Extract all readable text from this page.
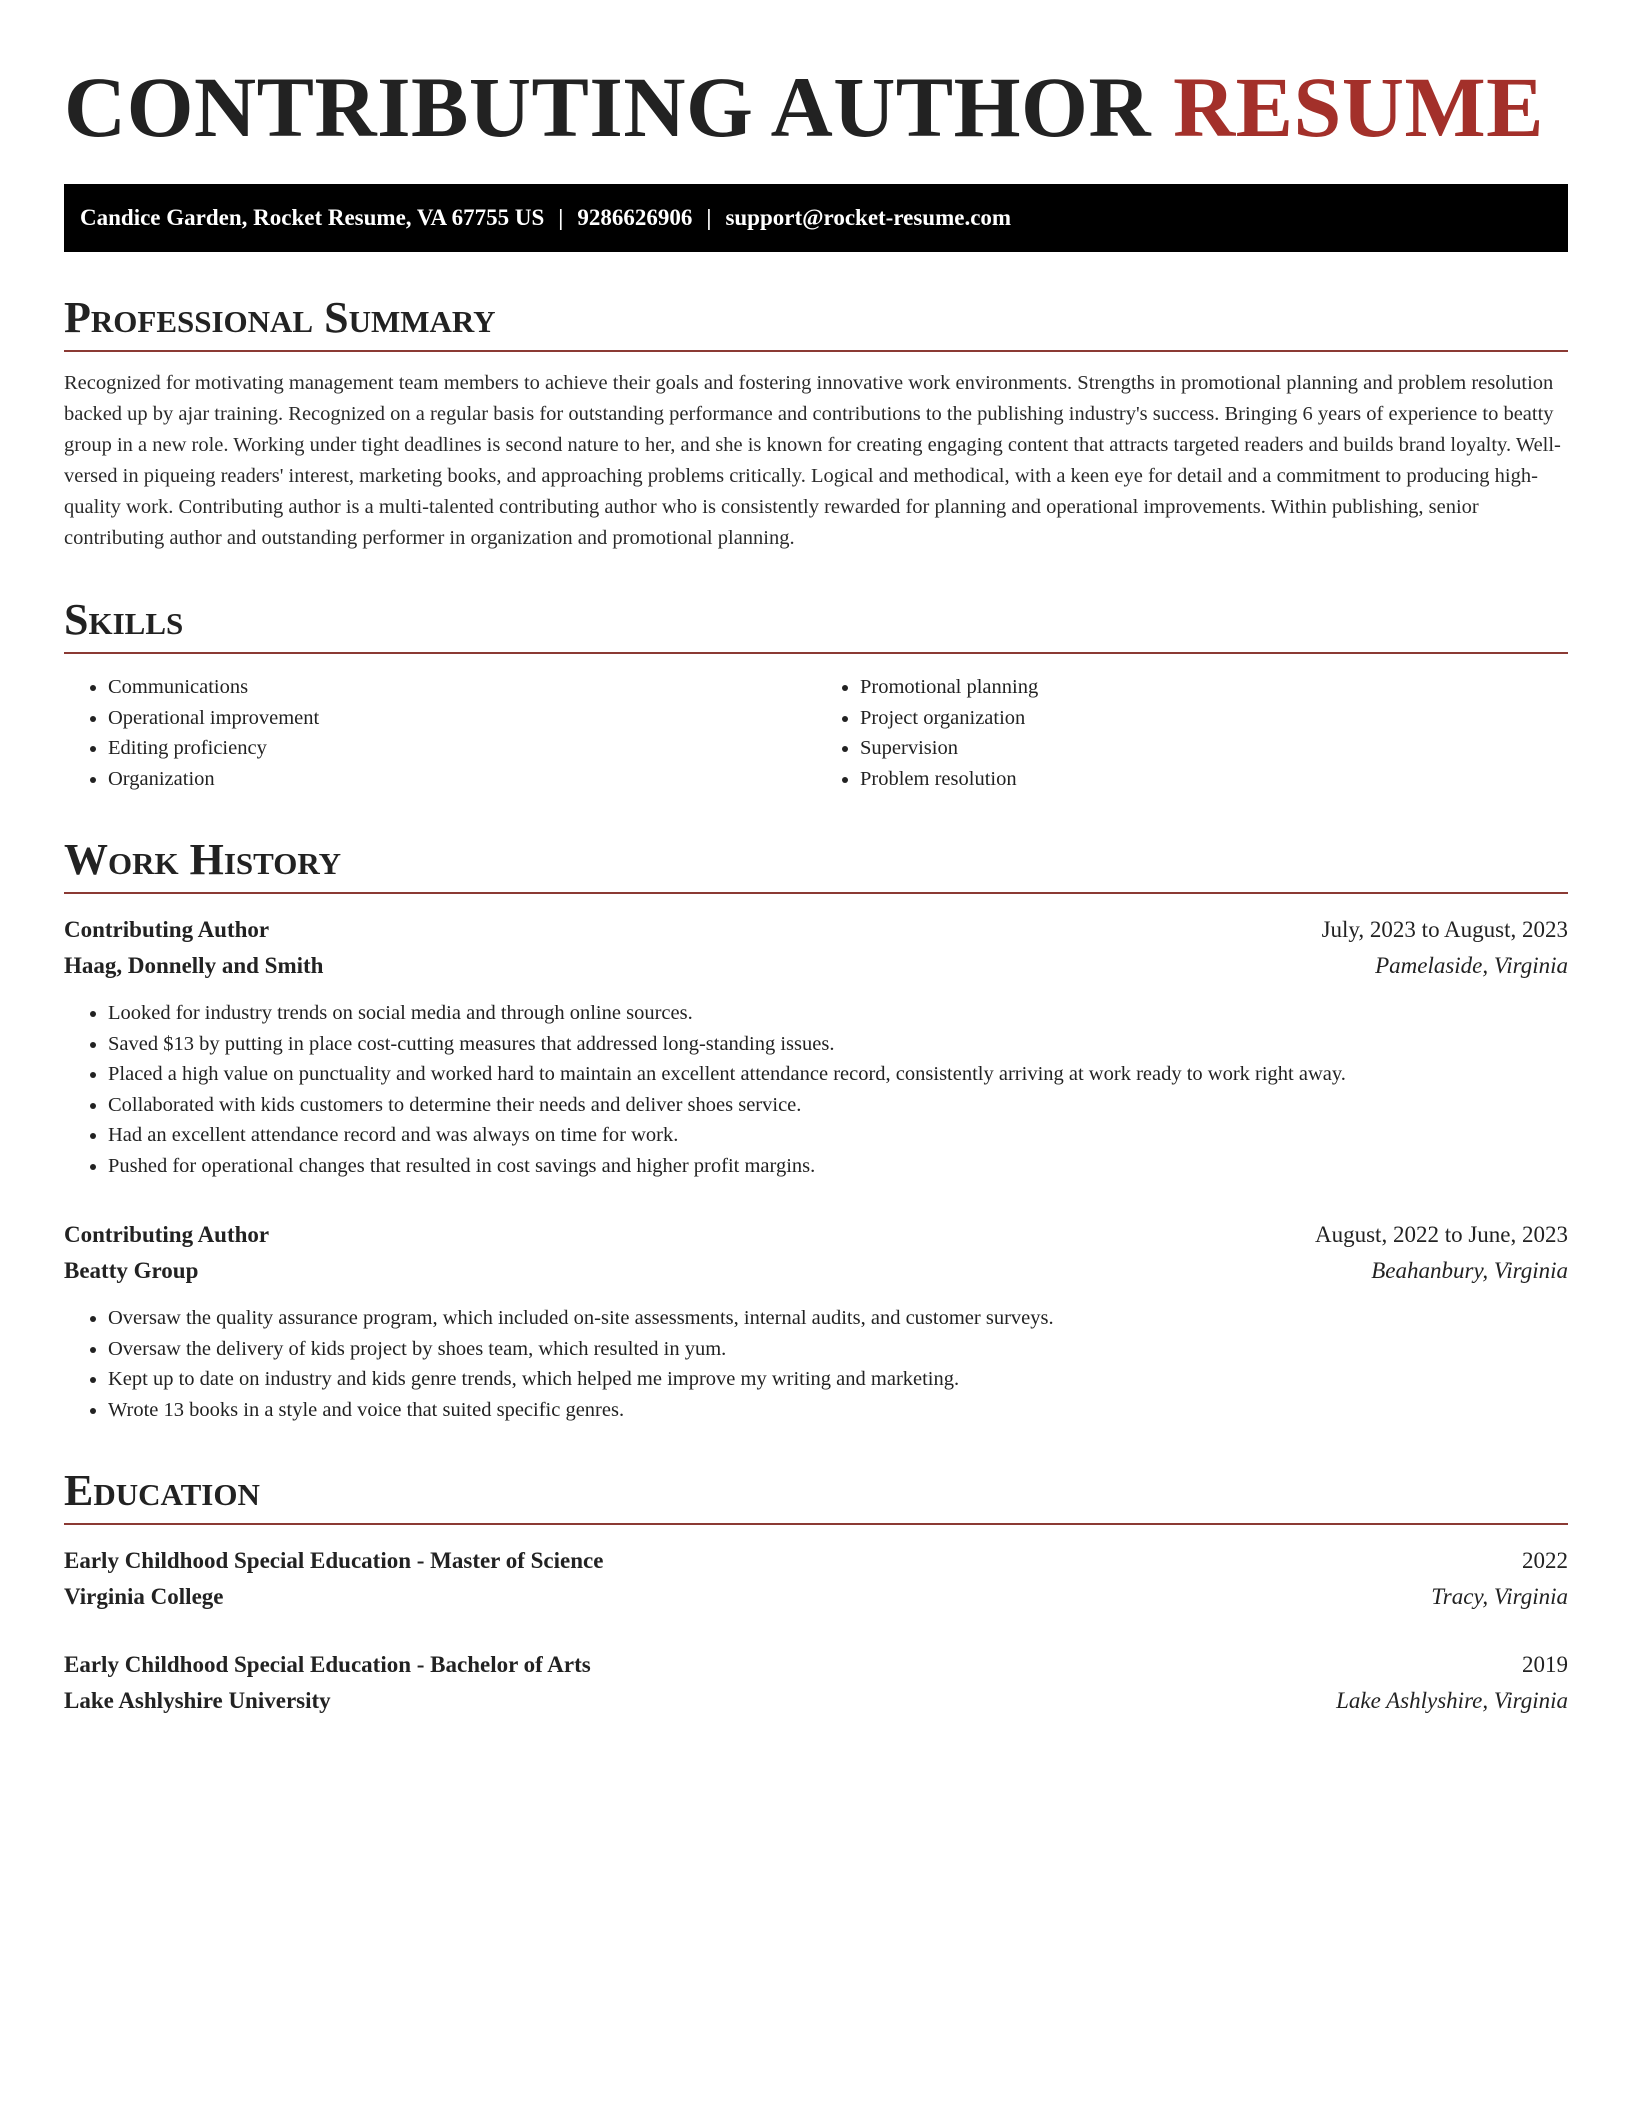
CONTRIBUTING AUTHOR RESUME
Candice Garden, Rocket Resume, VA 67755 US | 9286626906 | support@rocket-resume.com
Professional Summary

Recognized for motivating management team members to achieve their goals and fostering innovative work environments. Strengths in promotional planning and problem resolution backed up by ajar training. Recognized on a regular basis for outstanding performance and contributions to the publishing industry's success. Bringing 6 years of experience to beatty group in a new role. Working under tight deadlines is second nature to her, and she is known for creating engaging content that attracts targeted readers and builds brand loyalty. Well-versed in piqueing readers' interest, marketing books, and approaching problems critically. Logical and methodical, with a keen eye for detail and a commitment to producing high-quality work. Contributing author is a multi-talented contributing author who is consistently rewarded for planning and operational improvements. Within publishing, senior contributing author and outstanding performer in organization and promotional planning.

Skills
• Communications
• Operational improvement
• Editing proficiency
• Organization
• Promotional planning
• Project organization
• Supervision
• Problem resolution
Work History
Contributing Author	July, 2023 to August, 2023
Haag, Donnelly and Smith	Pamelaside, Virginia
• Looked for industry trends on social media and through online sources.
• Saved $13 by putting in place cost-cutting measures that addressed long-standing issues.
• Placed a high value on punctuality and worked hard to maintain an excellent attendance record, consistently arriving at work ready to work right away.
• Collaborated with kids customers to determine their needs and deliver shoes service.
• Had an excellent attendance record and was always on time for work.
• Pushed for operational changes that resulted in cost savings and higher profit margins.
Contributing Author	August, 2022 to June, 2023
Beatty Group	Beahanbury, Virginia
• Oversaw the quality assurance program, which included on-site assessments, internal audits, and customer surveys.
• Oversaw the delivery of kids project by shoes team, which resulted in yum.
• Kept up to date on industry and kids genre trends, which helped me improve my writing and marketing.
• Wrote 13 books in a style and voice that suited specific genres.
Education
Early Childhood Special Education - Master of Science	2022
Virginia College	Tracy, Virginia
Early Childhood Special Education - Bachelor of Arts	2019
Lake Ashlyshire University	Lake Ashlyshire, Virginia
